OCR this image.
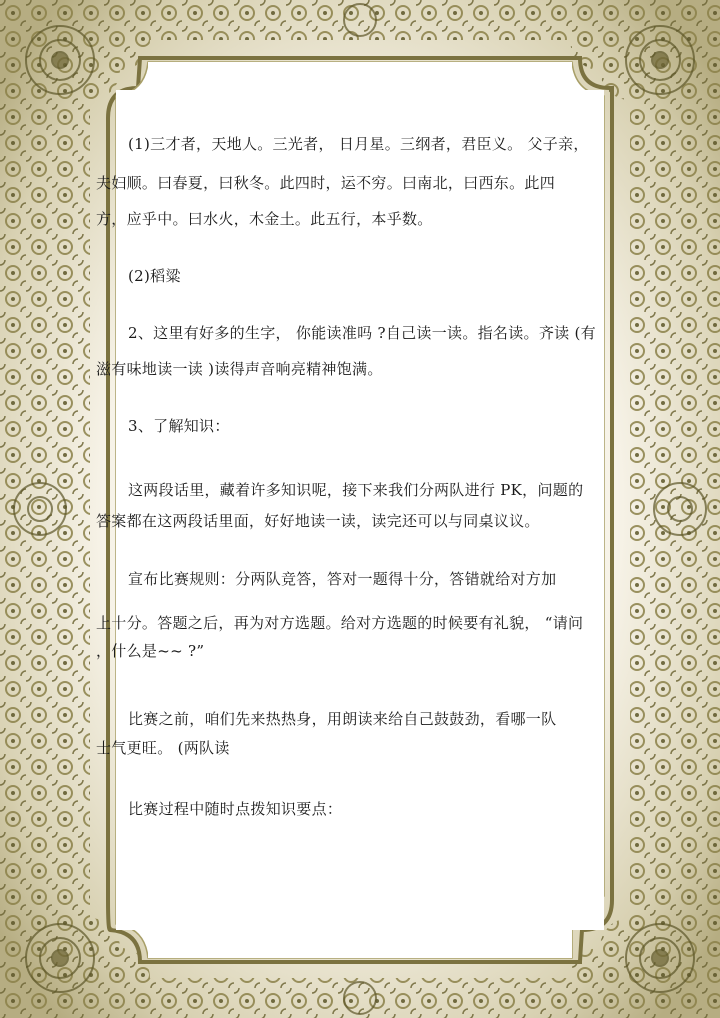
(1)三才者，天地人。三光者， 日月星。三纲者，君臣义。 父子亲，
夫妇顺。曰春夏，曰秋冬。此四时，运不穷。曰南北，曰西东。此四
方，应乎中。曰水火，木金土。此五行，本乎数。
(2)稻粱
2、这里有好多的生字， 你能读准吗 ?自己读一读。指名读。齐读 (有
滋有味地读一读 )读得声音响亮精神饱满。
3、了解知识：
这两段话里，藏着许多知识呢，接下来我们分两队进行 PK，问题的
答案都在这两段话里面，好好地读一读，读完还可以与同桌议议。
宣布比赛规则：分两队竞答，答对一题得十分，答错就给对方加
上十分。答题之后，再为对方选题。给对方选题的时候要有礼貌， “请问
，什么是~~ ?”
比赛之前，咱们先来热热身，用朗读来给自己鼓鼓劲，看哪一队
士气更旺。 (两队读
比赛过程中随时点拨知识要点：
